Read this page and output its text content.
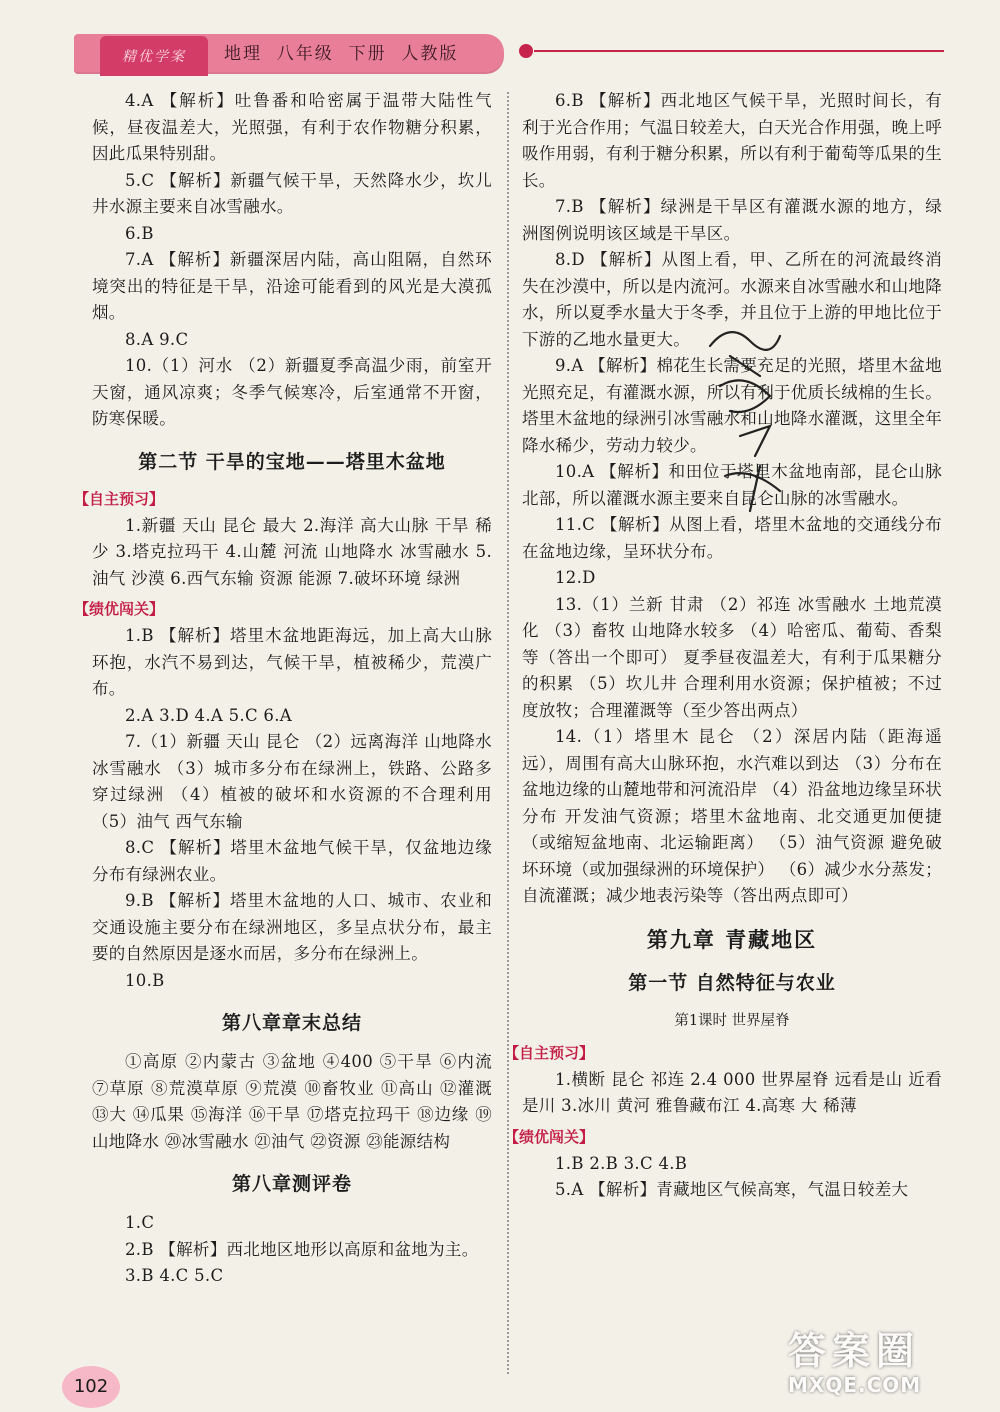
精优学案	地理  八年级  下册  人教版

4.A 【解析】吐鲁番和哈密属于温带大陆性气候，昼夜温差大，光照强，有利于农作物糖分积累，因此瓜果特别甜。

5.C 【解析】新疆气候干旱，天然降水少，坎儿井水源主要来自冰雪融水。

6.B

7.A 【解析】新疆深居内陆，高山阻隔，自然环境突出的特征是干旱，沿途可能看到的风光是大漠孤烟。

8.A 9.C

10.（1）河水 （2）新疆夏季高温少雨，前室开天窗，通风凉爽；冬季气候寒冷，后室通常不开窗，防寒保暖。

第二节 干旱的宝地——塔里木盆地
【自主预习】

1.新疆 天山 昆仑 最大 2.海洋 高大山脉 干旱 稀少 3.塔克拉玛干 4.山麓 河流 山地降水 冰雪融水 5.油气 沙漠 6.西气东输 资源 能源 7.破坏环境 绿洲

【绩优闯关】

1.B 【解析】塔里木盆地距海远，加上高大山脉环抱，水汽不易到达，气候干旱，植被稀少，荒漠广布。

2.A 3.D 4.A 5.C 6.A

7.（1）新疆 天山 昆仑 （2）远离海洋 山地降水 冰雪融水 （3）城市多分布在绿洲上，铁路、公路多穿过绿洲 （4）植被的破坏和水资源的不合理利用 （5）油气 西气东输

8.C 【解析】塔里木盆地气候干旱，仅盆地边缘分布有绿洲农业。

9.B 【解析】塔里木盆地的人口、城市、农业和交通设施主要分布在绿洲地区，多呈点状分布，最主要的自然原因是逐水而居，多分布在绿洲上。

10.B

第八章章末总结

①高原 ②内蒙古 ③盆地 ④400 ⑤干旱 ⑥内流 ⑦草原 ⑧荒漠草原 ⑨荒漠 ⑩畜牧业 ⑪高山 ⑫灌溉 ⑬大 ⑭瓜果 ⑮海洋 ⑯干旱 ⑰塔克拉玛干 ⑱边缘 ⑲山地降水 ⑳冰雪融水 ㉑油气 ㉒资源 ㉓能源结构

第八章测评卷

1.C

2.B 【解析】西北地区地形以高原和盆地为主。

3.B 4.C 5.C

6.B 【解析】西北地区气候干旱，光照时间长，有利于光合作用；气温日较差大，白天光合作用强，晚上呼吸作用弱，有利于糖分积累，所以有利于葡萄等瓜果的生长。

7.B 【解析】绿洲是干旱区有灌溉水源的地方，绿洲图例说明该区域是干旱区。

8.D 【解析】从图上看，甲、乙所在的河流最终消失在沙漠中，所以是内流河。水源来自冰雪融水和山地降水，所以夏季水量大于冬季，并且位于上游的甲地比位于下游的乙地水量更大。

9.A 【解析】棉花生长需要充足的光照，塔里木盆地光照充足，有灌溉水源，所以有利于优质长绒棉的生长。塔里木盆地的绿洲引冰雪融水和山地降水灌溉，这里全年降水稀少，劳动力较少。

10.A 【解析】和田位于塔里木盆地南部，昆仑山脉北部，所以灌溉水源主要来自昆仑山脉的冰雪融水。

11.C 【解析】从图上看，塔里木盆地的交通线分布在盆地边缘，呈环状分布。

12.D

13.（1）兰新 甘肃 （2）祁连 冰雪融水 土地荒漠化 （3）畜牧 山地降水较多 （4）哈密瓜、葡萄、香梨等（答出一个即可） 夏季昼夜温差大，有利于瓜果糖分的积累 （5）坎儿井 合理利用水资源；保护植被；不过度放牧；合理灌溉等（至少答出两点）

14.（1）塔里木 昆仑 （2）深居内陆（距海遥远），周围有高大山脉环抱，水汽难以到达 （3）分布在盆地边缘的山麓地带和河流沿岸 （4）沿盆地边缘呈环状分布 开发油气资源；塔里木盆地南、北交通更加便捷（或缩短盆地南、北运输距离） （5）油气资源 避免破坏环境（或加强绿洲的环境保护） （6）减少水分蒸发；自流灌溉；减少地表污染等（答出两点即可）

第九章 青藏地区
第一节 自然特征与农业
第1课时 世界屋脊
【自主预习】

1.横断 昆仑 祁连 2.4 000 世界屋脊 远看是山 近看是川 3.冰川 黄河 雅鲁藏布江 4.高寒 大 稀薄

【绩优闯关】

1.B 2.B 3.C 4.B

5.A 【解析】青藏地区气候高寒，气温日较差大

102
答案圈
MXQE.COM
